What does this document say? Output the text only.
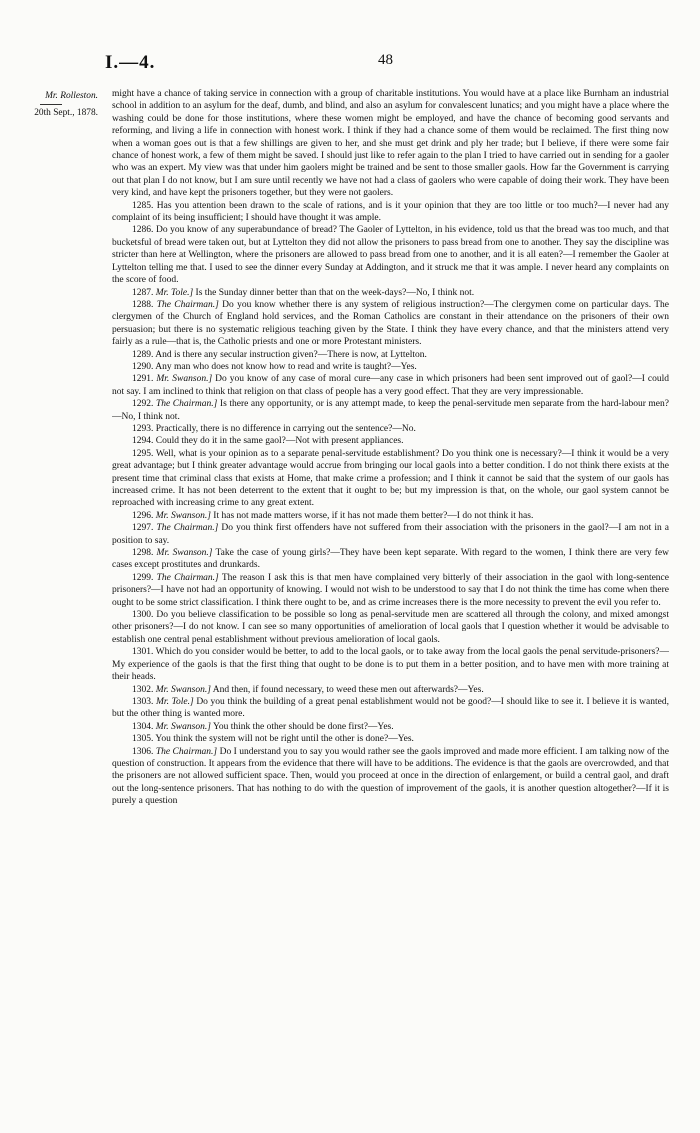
I.—4.	48
Mr. Rolleston.
20th Sept., 1878.

might have a chance of taking service in connection with a group of charitable institutions. You would have at a place like Burnham an industrial school in addition to an asylum for the deaf, dumb, and blind, and also an asylum for convalescent lunatics; and you might have a place where the washing could be done for those institutions, where these women might be employed, and have the chance of becoming good servants and reforming, and living a life in connection with honest work. I think if they had a chance some of them would be reclaimed. The first thing now when a woman goes out is that a few shillings are given to her, and she must get drink and ply her trade; but I believe, if there were some fair chance of honest work, a few of them might be saved. I should just like to refer again to the plan I tried to have carried out in sending for a gaoler who was an expert. My view was that under him gaolers might be trained and be sent to those smaller gaols. How far the Government is carrying out that plan I do not know, but I am sure until recently we have not had a class of gaolers who were capable of doing their work. They have been very kind, and have kept the prisoners together, but they were not gaolers.

1285. Has you attention been drawn to the scale of rations, and is it your opinion that they are too little or too much?—I never had any complaint of its being insufficient; I should have thought it was ample.

1286. Do you know of any superabundance of bread? The Gaoler of Lyttelton, in his evidence, told us that the bread was too much, and that bucketsful of bread were taken out, but at Lyttelton they did not allow the prisoners to pass bread from one to another. They say the discipline was stricter than here at Wellington, where the prisoners are allowed to pass bread from one to another, and it is all eaten?—I remember the Gaoler at Lyttelton telling me that. I used to see the dinner every Sunday at Addington, and it struck me that it was ample. I never heard any complaints on the score of food.

1287. Mr. Tole.] Is the Sunday dinner better than that on the week-days?—No, I think not.

1288. The Chairman.] Do you know whether there is any system of religious instruction?—The clergymen come on particular days. The clergymen of the Church of England hold services, and the Roman Catholics are constant in their attendance on the prisoners of their own persuasion; but there is no systematic religious teaching given by the State. I think they have every chance, and that the ministers attend very fairly as a rule—that is, the Catholic priests and one or more Protestant ministers.

1289. And is there any secular instruction given?—There is now, at Lyttelton.

1290. Any man who does not know how to read and write is taught?—Yes.

1291. Mr. Swanson.] Do you know of any case of moral cure—any case in which prisoners had been sent improved out of gaol?—I could not say. I am inclined to think that religion on that class of people has a very good effect. That they are very impressionable.

1292. The Chairman.] Is there any opportunity, or is any attempt made, to keep the penal-servitude men separate from the hard-labour men?—No, I think not.

1293. Practically, there is no difference in carrying out the sentence?—No.

1294. Could they do it in the same gaol?—Not with present appliances.

1295. Well, what is your opinion as to a separate penal-servitude establishment? Do you think one is necessary?—I think it would be a very great advantage; but I think greater advantage would accrue from bringing our local gaols into a better condition. I do not think there exists at the present time that criminal class that exists at Home, that make crime a profession; and I think it cannot be said that the system of our gaols has increased crime. It has not been deterrent to the extent that it ought to be; but my impression is that, on the whole, our gaol system cannot be reproached with increasing crime to any great extent.

1296. Mr. Swanson.] It has not made matters worse, if it has not made them better?—I do not think it has.

1297. The Chairman.] Do you think first offenders have not suffered from their association with the prisoners in the gaol?—I am not in a position to say.

1298. Mr. Swanson.] Take the case of young girls?—They have been kept separate. With regard to the women, I think there are very few cases except prostitutes and drunkards.

1299. The Chairman.] The reason I ask this is that men have complained very bitterly of their association in the gaol with long-sentence prisoners?—I have not had an opportunity of knowing. I would not wish to be understood to say that I do not think the time has come when there ought to be some strict classification. I think there ought to be, and as crime increases there is the more necessity to prevent the evil you refer to.

1300. Do you believe classification to be possible so long as penal-servitude men are scattered all through the colony, and mixed amongst other prisoners?—I do not know. I can see so many opportunities of amelioration of local gaols that I question whether it would be advisable to establish one central penal establishment without previous amelioration of local gaols.

1301. Which do you consider would be better, to add to the local gaols, or to take away from the local gaols the penal servitude-prisoners?—My experience of the gaols is that the first thing that ought to be done is to put them in a better position, and to have men with more training at their heads.

1302. Mr. Swanson.] And then, if found necessary, to weed these men out afterwards?—Yes.

1303. Mr. Tole.] Do you think the building of a great penal establishment would not be good?—I should like to see it. I believe it is wanted, but the other thing is wanted more.

1304. Mr. Swanson.] You think the other should be done first?—Yes.

1305. You think the system will not be right until the other is done?—Yes.

1306. The Chairman.] Do I understand you to say you would rather see the gaols improved and made more efficient. I am talking now of the question of construction. It appears from the evidence that there will have to be additions. The evidence is that the gaols are overcrowded, and that the prisoners are not allowed sufficient space. Then, would you proceed at once in the direction of enlargement, or build a central gaol, and draft out the long-sentence prisoners. That has nothing to do with the question of improvement of the gaols, it is another question altogether?—If it is purely a question
